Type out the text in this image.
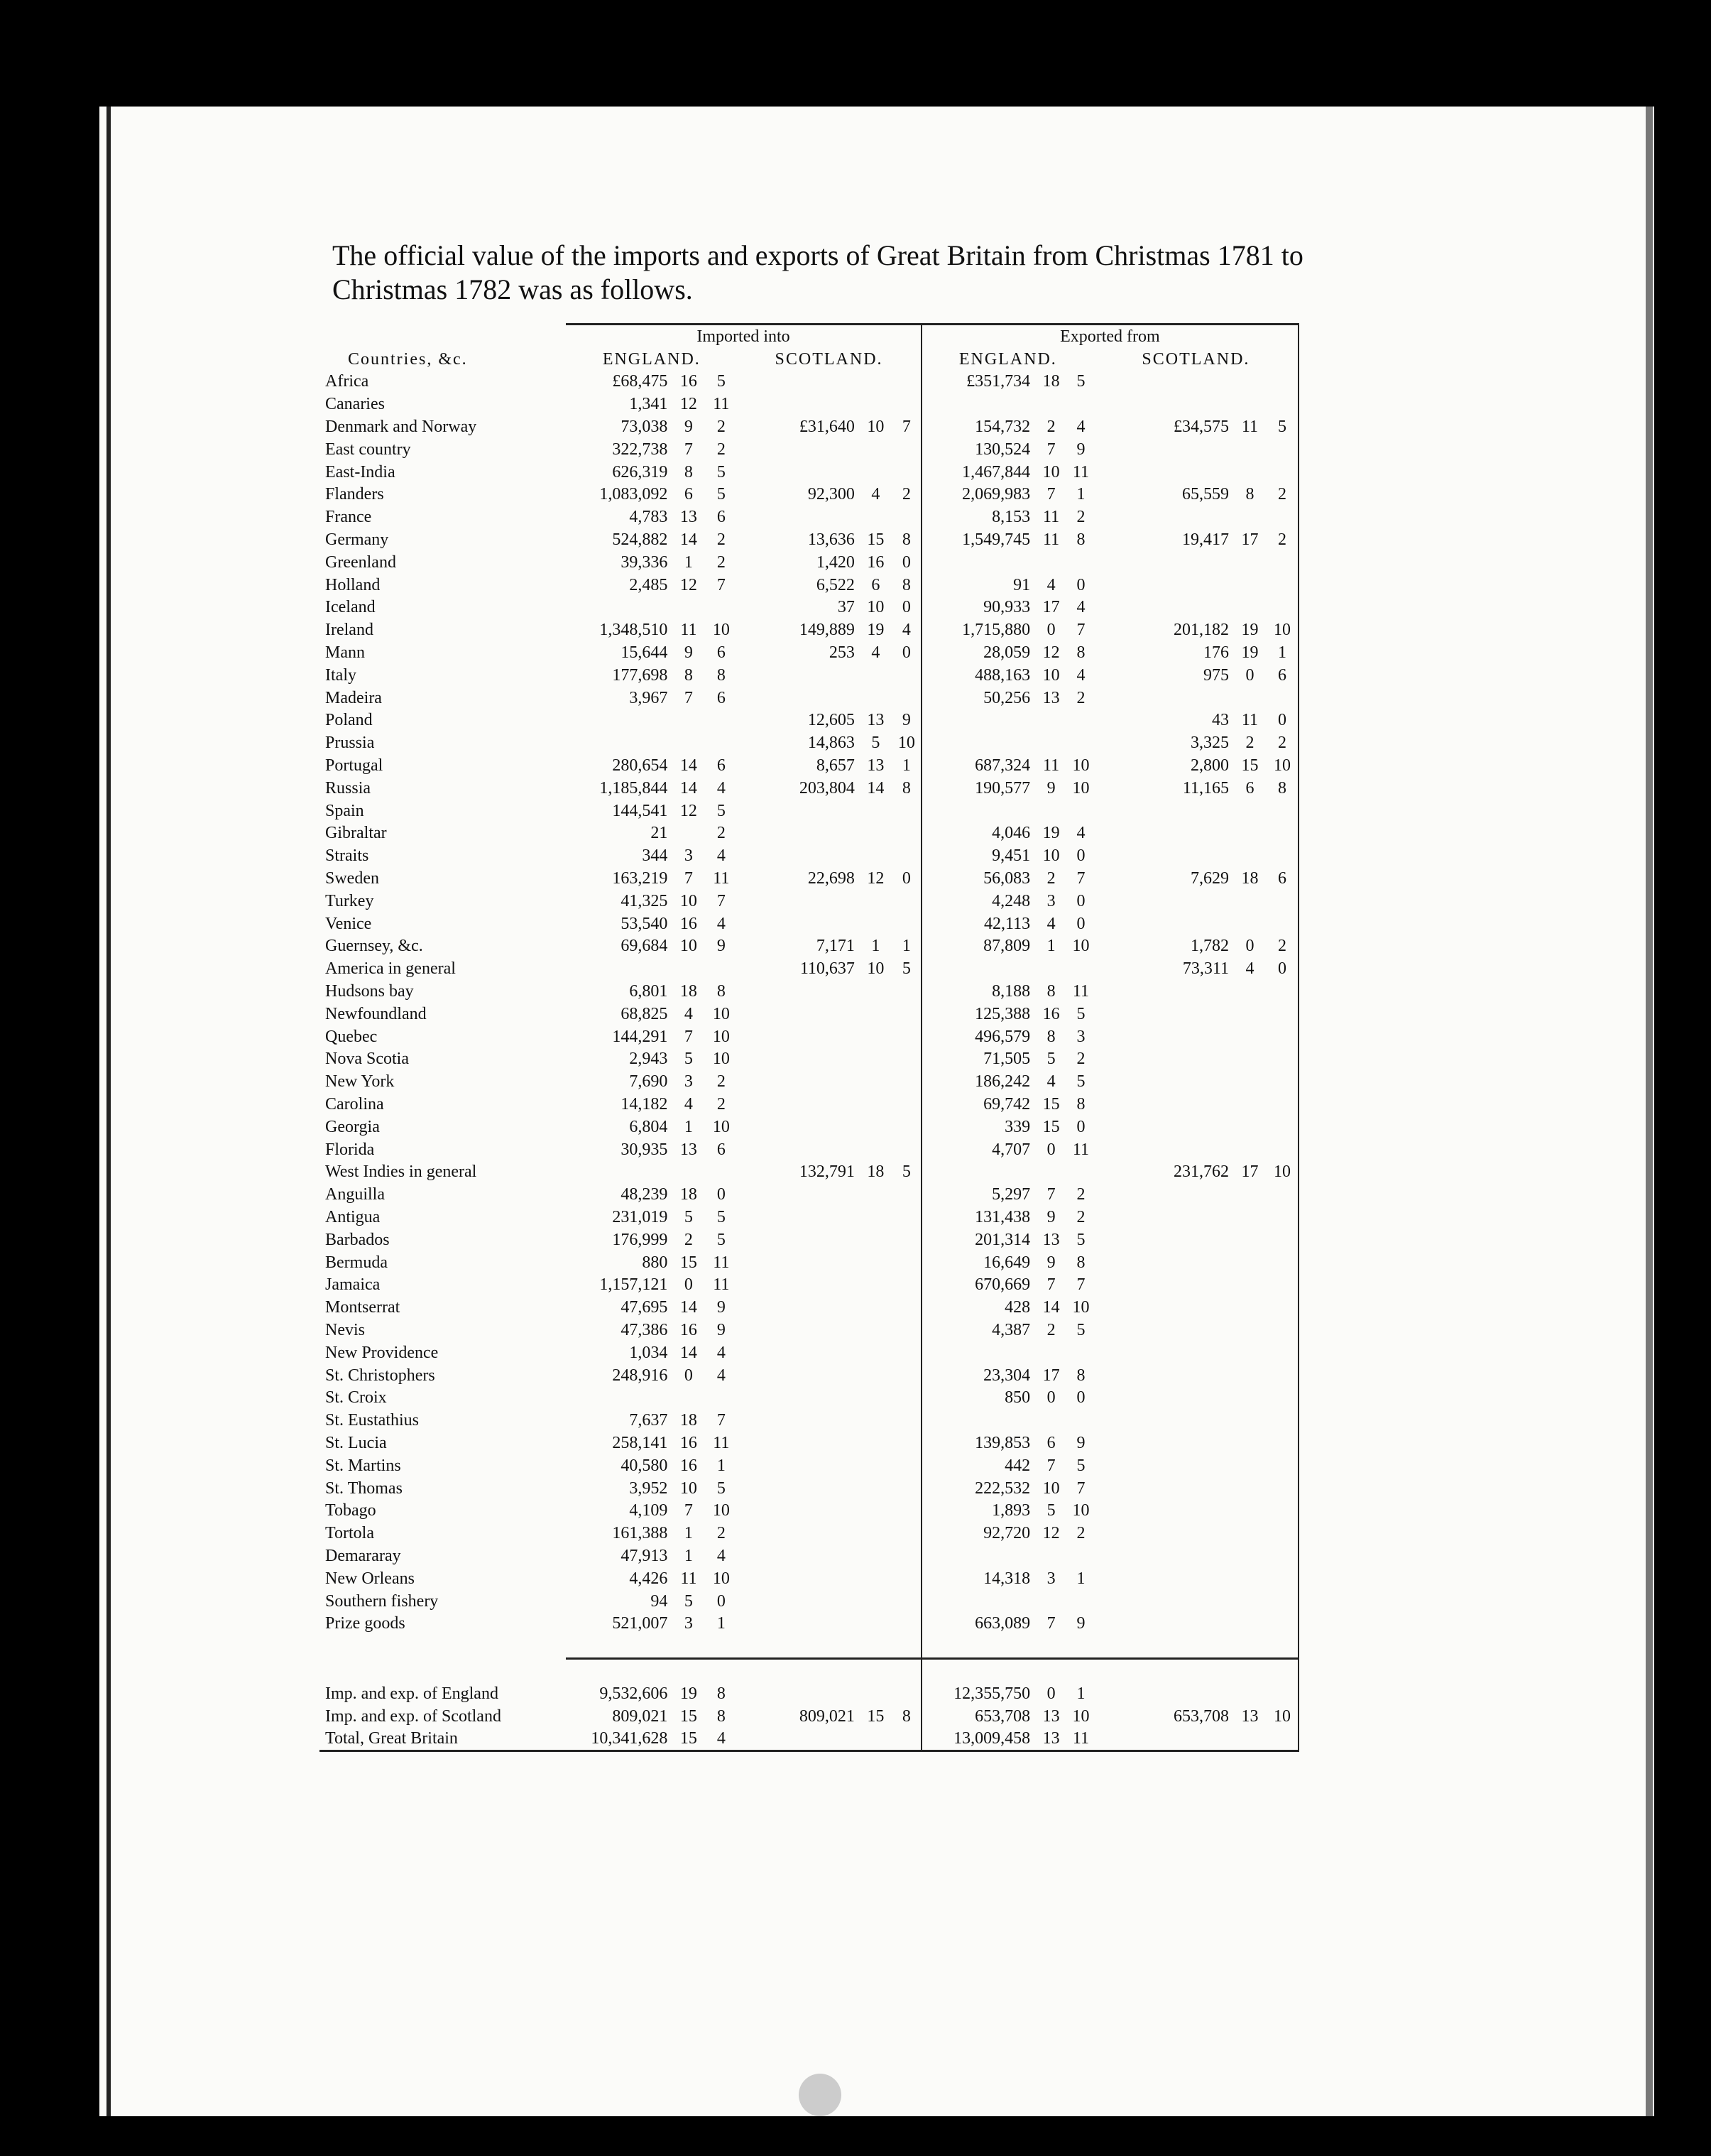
The official value of the imports and exports of Great Britain from Christmas 1781 to Christmas 1782 was as follows.
	Imported into						Exported from					
Countries, &c.	ENGLAND.			SCOTLAND.			ENGLAND.			SCOTLAND.		
Africa	£68,475	16	5				£351,734	18	5			
Canaries	1,341	12	11									
Denmark and Norway	73,038	9	2	£31,640	10	7	154,732	2	4	£34,575	11	5
East country	322,738	7	2				130,524	7	9			
East-India	626,319	8	5				1,467,844	10	11			
Flanders	1,083,092	6	5	92,300	4	2	2,069,983	7	1	65,559	8	2
France	4,783	13	6				8,153	11	2			
Germany	524,882	14	2	13,636	15	8	1,549,745	11	8	19,417	17	2
Greenland	39,336	1	2	1,420	16	0						
Holland	2,485	12	7	6,522	6	8	91	4	0			
Iceland				37	10	0	90,933	17	4			
Ireland	1,348,510	11	10	149,889	19	4	1,715,880	0	7	201,182	19	10
Mann	15,644	9	6	253	4	0	28,059	12	8	176	19	1
Italy	177,698	8	8				488,163	10	4	975	0	6
Madeira	3,967	7	6				50,256	13	2			
Poland				12,605	13	9				43	11	0
Prussia				14,863	5	10				3,325	2	2
Portugal	280,654	14	6	8,657	13	1	687,324	11	10	2,800	15	10
Russia	1,185,844	14	4	203,804	14	8	190,577	9	10	11,165	6	8
Spain	144,541	12	5									
Gibraltar	21		2				4,046	19	4			
Straits	344	3	4				9,451	10	0			
Sweden	163,219	7	11	22,698	12	0	56,083	2	7	7,629	18	6
Turkey	41,325	10	7				4,248	3	0			
Venice	53,540	16	4				42,113	4	0			
Guernsey, &c.	69,684	10	9	7,171	1	1	87,809	1	10	1,782	0	2
America in general				110,637	10	5				73,311	4	0
Hudsons bay	6,801	18	8				8,188	8	11			
Newfoundland	68,825	4	10				125,388	16	5			
Quebec	144,291	7	10				496,579	8	3			
Nova Scotia	2,943	5	10				71,505	5	2			
New York	7,690	3	2				186,242	4	5			
Carolina	14,182	4	2				69,742	15	8			
Georgia	6,804	1	10				339	15	0			
Florida	30,935	13	6				4,707	0	11			
West Indies in general				132,791	18	5				231,762	17	10
Anguilla	48,239	18	0				5,297	7	2			
Antigua	231,019	5	5				131,438	9	2			
Barbados	176,999	2	5				201,314	13	5			
Bermuda	880	15	11				16,649	9	8			
Jamaica	1,157,121	0	11				670,669	7	7			
Montserrat	47,695	14	9				428	14	10			
Nevis	47,386	16	9				4,387	2	5			
New Providence	1,034	14	4									
St. Christophers	248,916	0	4				23,304	17	8			
St. Croix							850	0	0			
St. Eustathius	7,637	18	7									
St. Lucia	258,141	16	11				139,853	6	9			
St. Martins	40,580	16	1				442	7	5			
St. Thomas	3,952	10	5				222,532	10	7			
Tobago	4,109	7	10				1,893	5	10			
Tortola	161,388	1	2				92,720	12	2			
Demararay	47,913	1	4									
New Orleans	4,426	11	10				14,318	3	1			
Southern fishery	94	5	0									
Prize goods	521,007	3	1				663,089	7	9			

Imp. and exp. of England	9,532,606	19	8				12,355,750	0	1			
Imp. and exp. of Scotland	809,021	15	8	809,021	15	8	653,708	13	10	653,708	13	10
Total, Great Britain	10,341,628	15	4				13,009,458	13	11			
